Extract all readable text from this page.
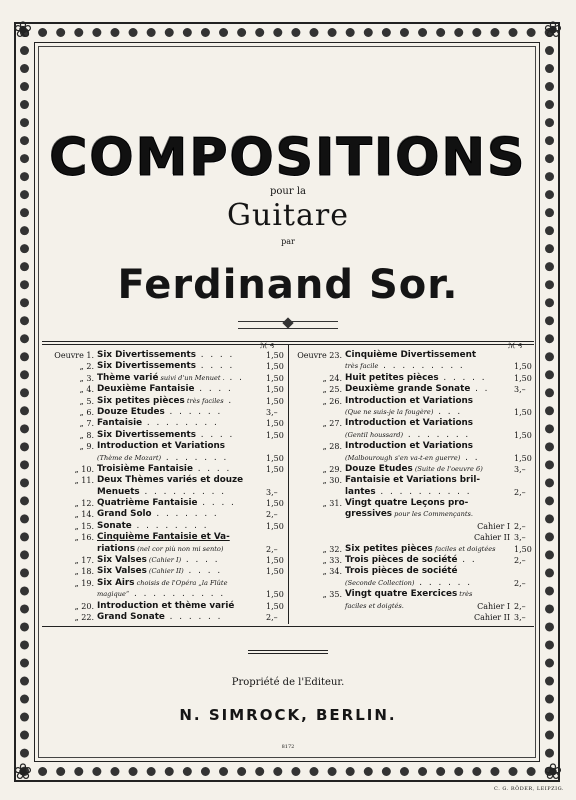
❀	❀
❀	❀
COMPOSITIONS
pour la
Guitare
par
Ferdinand Sor.
ℳ ₰	ℳ ₰
Oeuvre 1. Six Divertissements . . . .	1,50
„ 2. Six Divertissements . . . .	1,50
„ 3. Thème varié suivi d'un Menuet . . .	1,50
„ 4. Deuxième Fantaisie . . . .	1,50
„ 5. Six petites pièces très faciles .	1,50
„ 6. Douze Etudes . . . . . .	3,–
„ 7. Fantaisie . . . . . . . .	1,50
„ 8. Six Divertissements . . . .	1,50
„ 9. Introduction et Variations
(Thème de Mozart) . . . . . . .	1,50
„ 10. Troisième Fantaisie . . . .	1,50
„ 11. Deux Thèmes variés et douze
Menuets . . . . . . . . .	3,–
„ 12. Quatrième Fantaisie . . . .	1,50
„ 14. Grand Solo . . . . . . .	2,–
„ 15. Sonate . . . . . . . .	1,50
„ 16. Cinquième Fantaisie et Va-
riations (nel cor più non mi sento)	2,–
„ 17. Six Valses (Cahier I) . . . .	1,50
„ 18. Six Valses (Cahier II) . . . .	1,50
„ 19. Six Airs choisis de l'Opéra „la Flûte
magique“ . . . . . . . . . .	1,50
„ 20. Introduction et thème varié	1,50
„ 22. Grand Sonate . . . . . .	2,–
Oeuvre 23. Cinquième Divertissement
très facile . . . . . . . . .	1,50
„ 24. Huit petites pièces . . . . .	1,50
„ 25. Deuxième grande Sonate . .	3,–
„ 26. Introduction et Variations
(Que ne suis-je la fougère) . . .	1,50
„ 27. Introduction et Variations
(Gentil houssard) . . . . . . .	1,50
„ 28. Introduction et Variations
(Malbourough s'en va-t-en guerre) . .	1,50
„ 29. Douze Etudes (Suite de l'oeuvre 6)	3,–
„ 30. Fantaisie et Variations bril-
lantes . . . . . . . . . .	2,–
„ 31. Vingt quatre Leçons pro-
gressives pour les Commençants.
Cahier I 2,–
Cahier II 3,–
„ 32. Six petites pièces faciles et doigtées 1,50
„ 33. Trois pièces de société . .	2,–
„ 34. Trois pièces de société
(Seconde Collection) . . . . . .	2,–
„ 35. Vingt quatre Exercices très
faciles et doigtés.	Cahier I 2,–
Cahier II 3,–
Propriété de l'Editeur.
N. SIMROCK, BERLIN.
8172
C. G. RÖDER, LEIPZIG.
